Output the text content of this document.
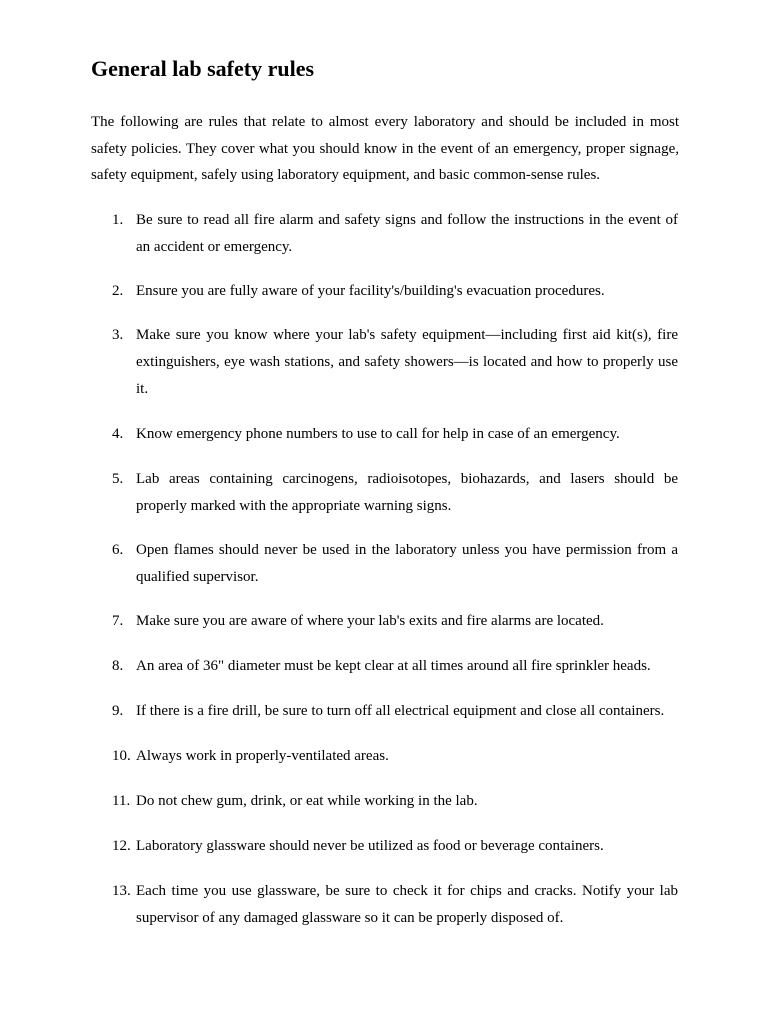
General lab safety rules

The following are rules that relate to almost every laboratory and should be included in most safety policies. They cover what you should know in the event of an emergency, proper signage, safety equipment, safely using laboratory equipment, and basic common-sense rules.

1. Be sure to read all fire alarm and safety signs and follow the instructions in the event of an accident or emergency.
2. Ensure you are fully aware of your facility's/building's evacuation procedures.
3. Make sure you know where your lab's safety equipment—including first aid kit(s), fire extinguishers, eye wash stations, and safety showers—is located and how to properly use it.
4. Know emergency phone numbers to use to call for help in case of an emergency.
5. Lab areas containing carcinogens, radioisotopes, biohazards, and lasers should be properly marked with the appropriate warning signs.
6. Open flames should never be used in the laboratory unless you have permission from a qualified supervisor.
7. Make sure you are aware of where your lab's exits and fire alarms are located.
8. An area of 36" diameter must be kept clear at all times around all fire sprinkler heads.
9. If there is a fire drill, be sure to turn off all electrical equipment and close all containers.
10. Always work in properly-ventilated areas.
11. Do not chew gum, drink, or eat while working in the lab.
12. Laboratory glassware should never be utilized as food or beverage containers.
13. Each time you use glassware, be sure to check it for chips and cracks. Notify your lab supervisor of any damaged glassware so it can be properly disposed of.
